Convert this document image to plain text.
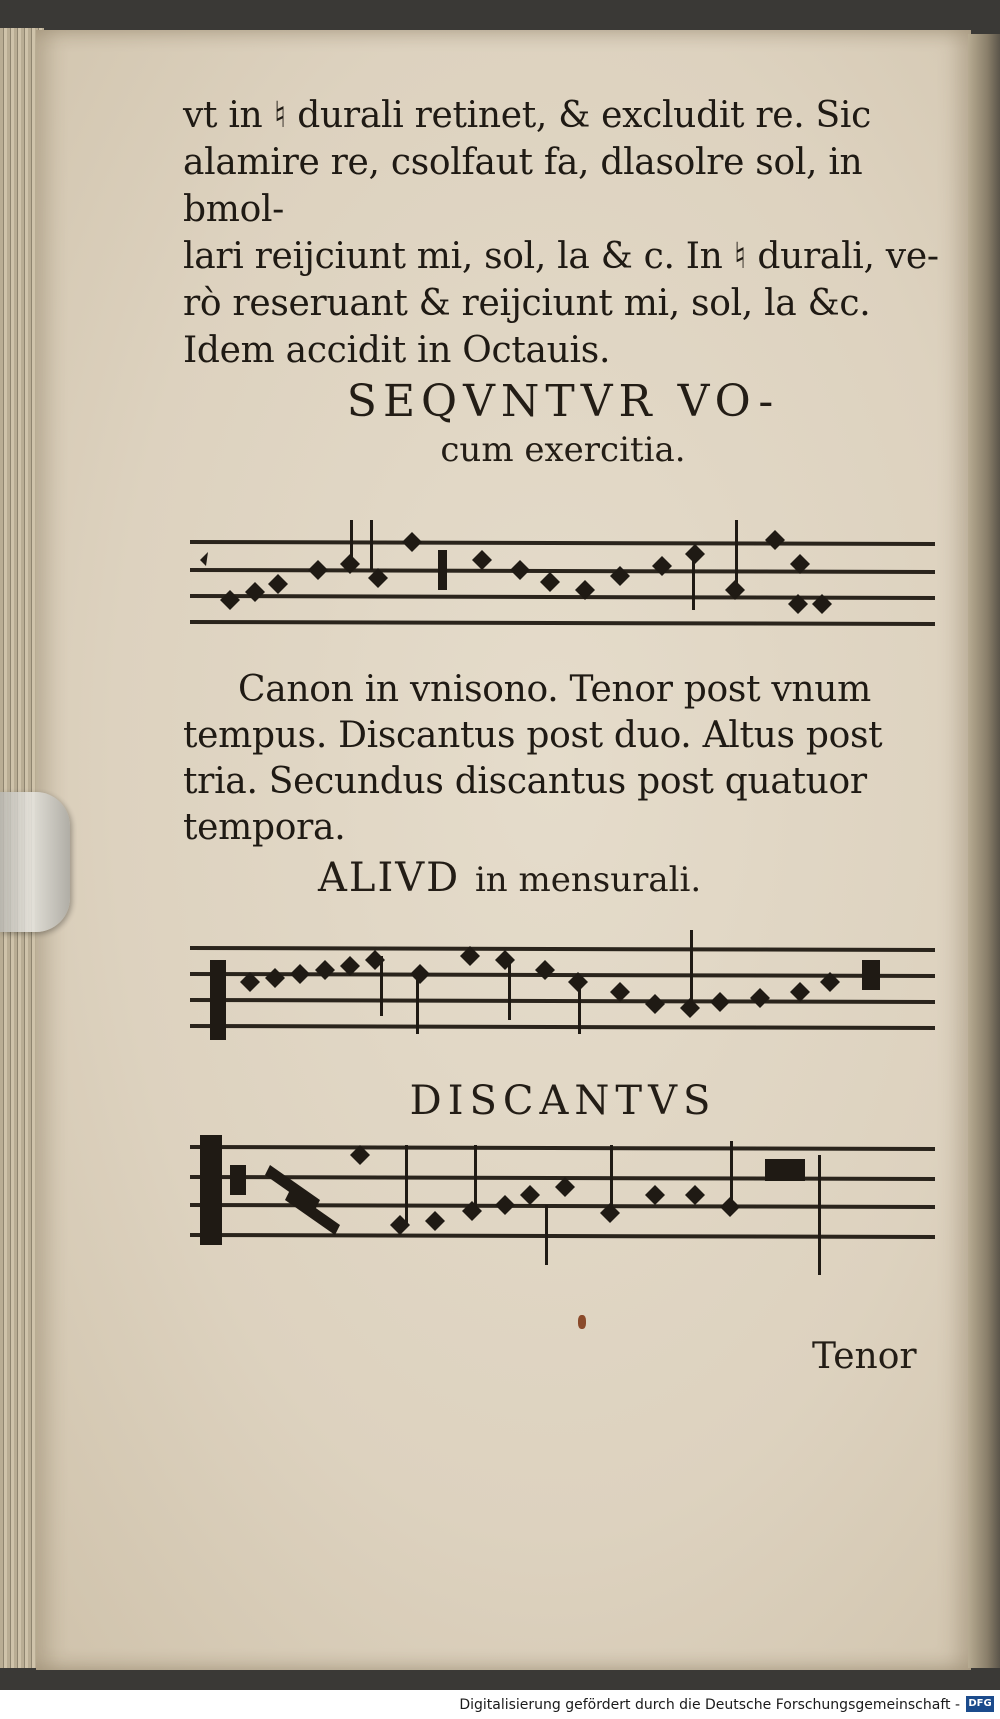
vt in ♮ durali retinet, & excludit re. Sic
alamire re, csolfaut fa, dlasolre sol, in bmol-
lari reijciunt mi, sol, la & c. In ♮ durali, ve-
rò reseruant & reijciunt mi, sol, la &c.
Idem accidit in Octauis.
SEQVNTVR VO-
cum exercitia.
Canon in vnisono. Tenor post vnum
tempus. Discantus post duo. Altus post
tria. Secundus discantus post quatuor
tempora.
ALIVD in mensurali.
DISCANTVS
Tenor
Digitalisierung gefördert durch die Deutsche Forschungsgemeinschaft - DFG
